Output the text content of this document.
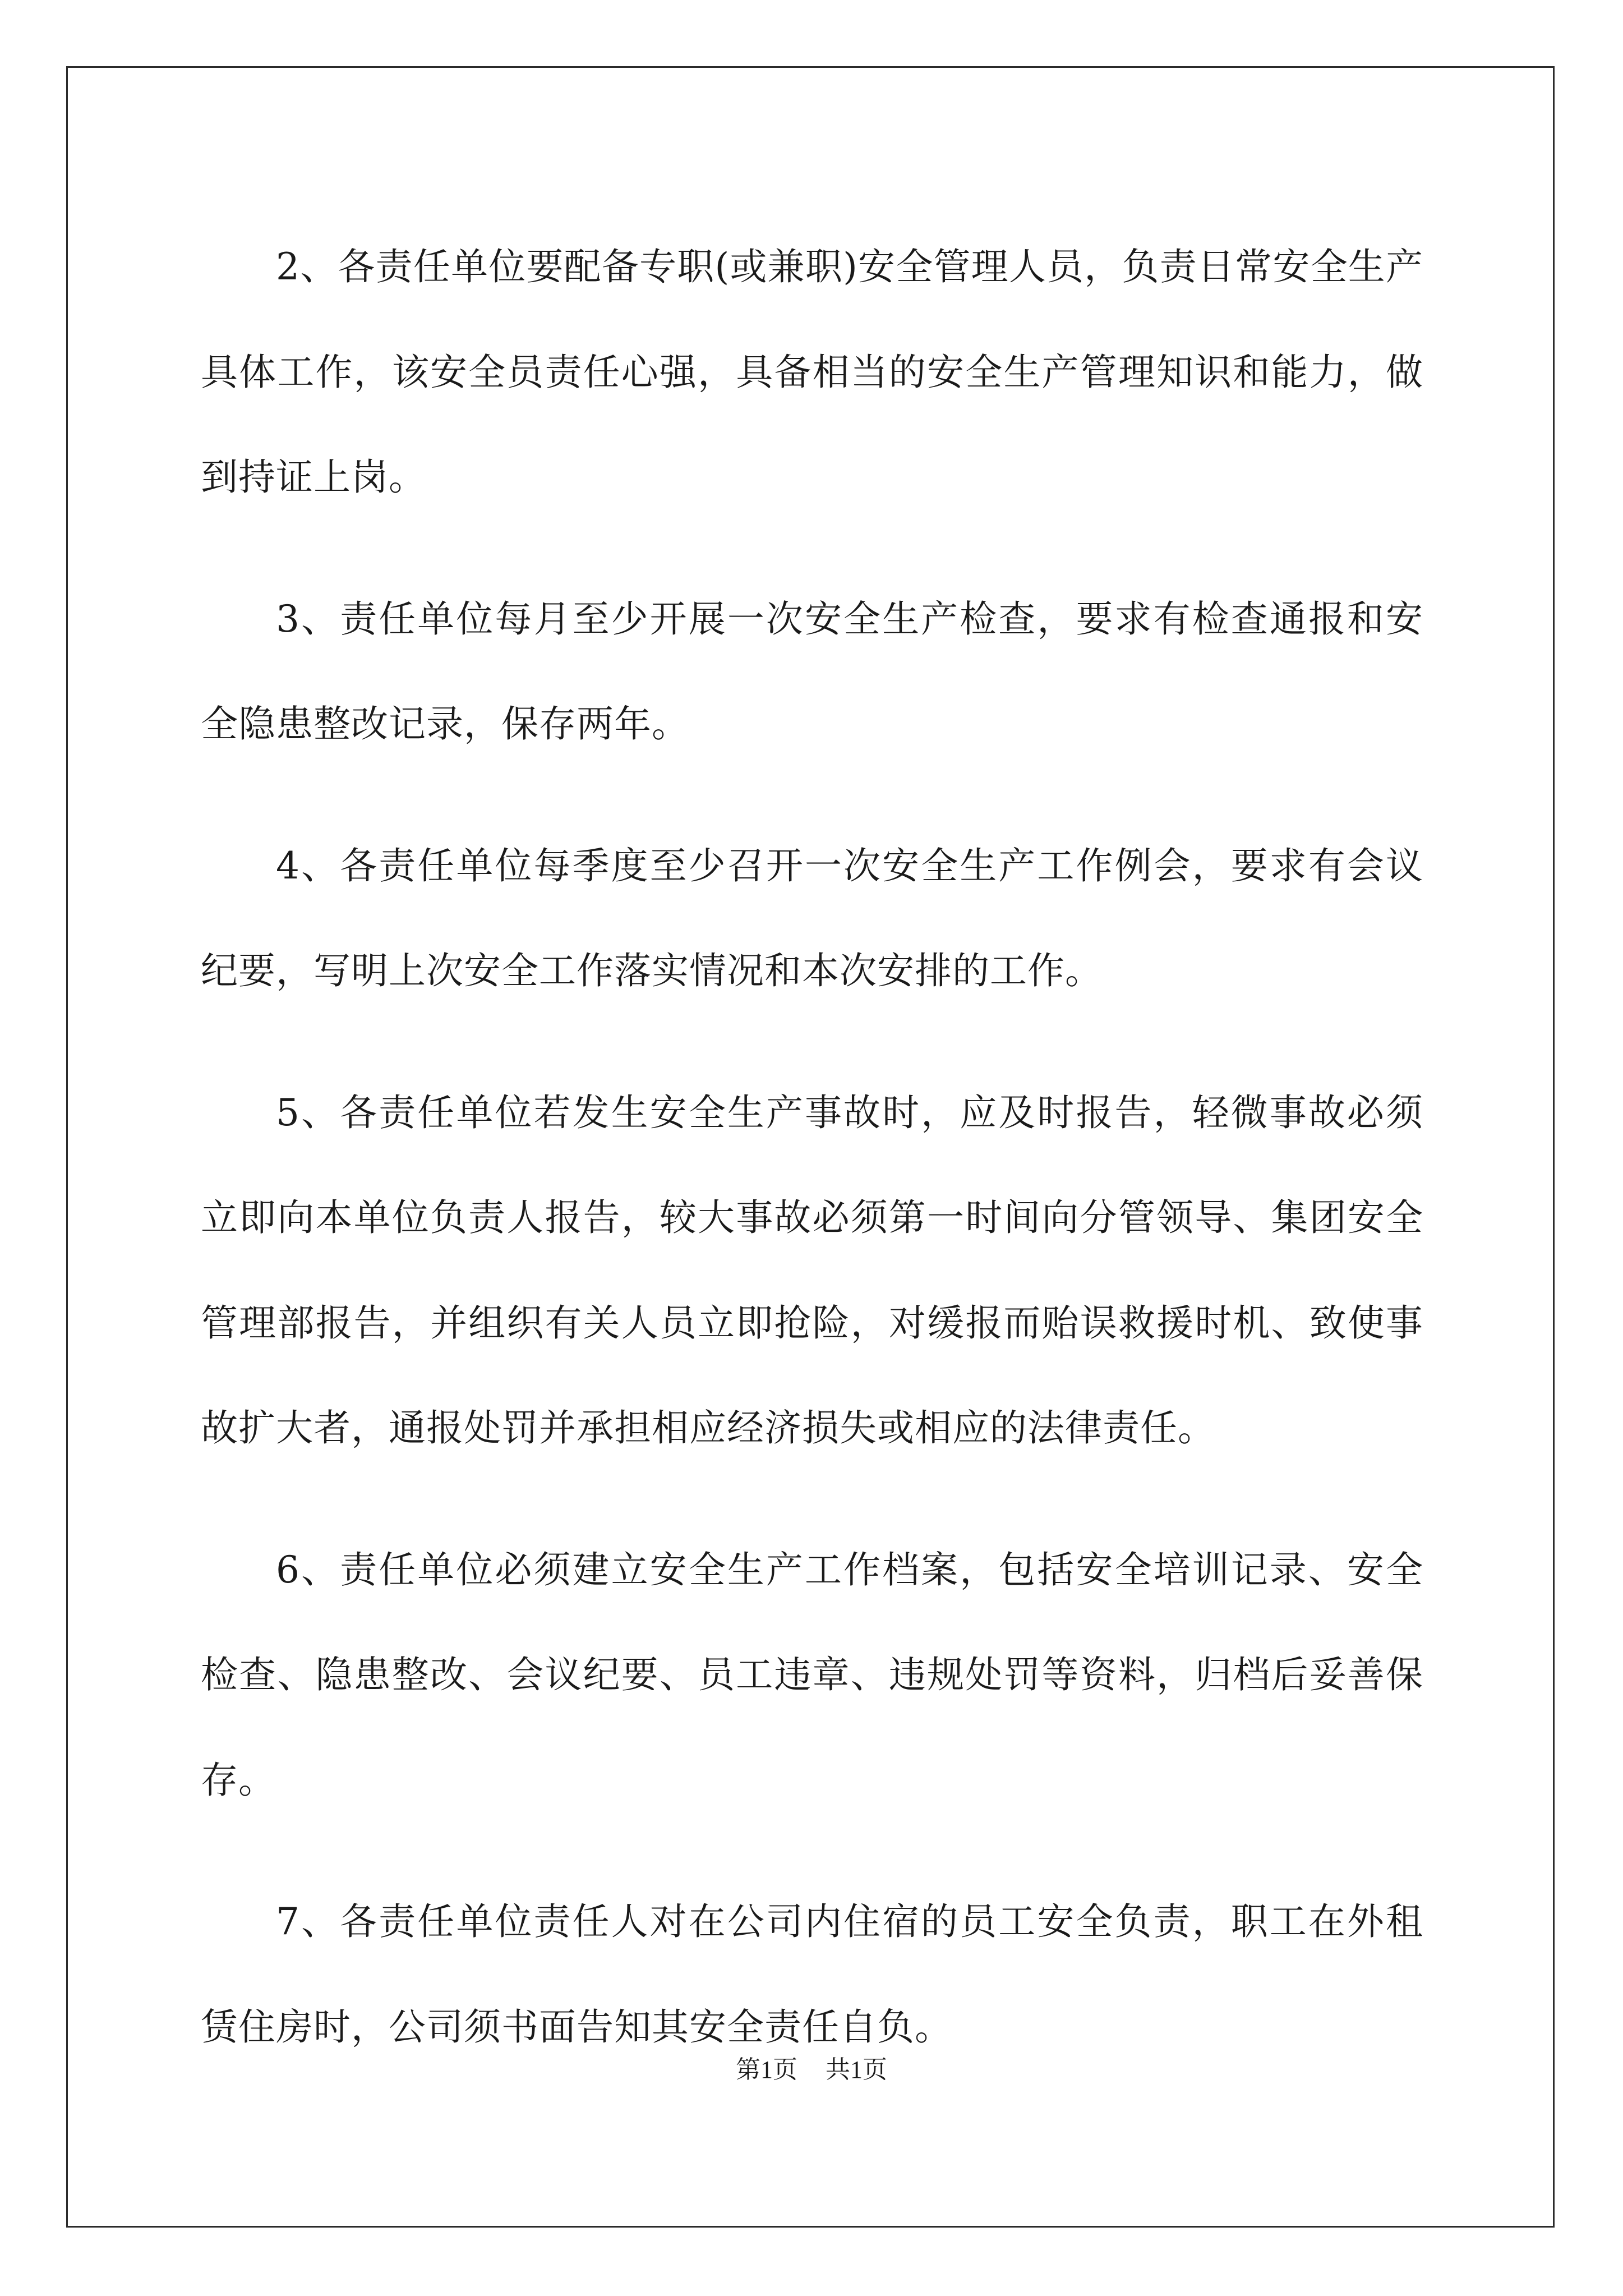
2、各责任单位要配备专职(或兼职)安全管理人员，负责日常安全生产具体工作，该安全员责任心强，具备相当的安全生产管理知识和能力，做到持证上岗。

3、责任单位每月至少开展一次安全生产检查，要求有检查通报和安全隐患整改记录，保存两年。

4、各责任单位每季度至少召开一次安全生产工作例会，要求有会议纪要，写明上次安全工作落实情况和本次安排的工作。

5、各责任单位若发生安全生产事故时，应及时报告，轻微事故必须立即向本单位负责人报告，较大事故必须第一时间向分管领导、集团安全管理部报告，并组织有关人员立即抢险，对缓报而贻误救援时机、致使事故扩大者，通报处罚并承担相应经济损失或相应的法律责任。

6、责任单位必须建立安全生产工作档案，包括安全培训记录、安全检查、隐患整改、会议纪要、员工违章、违规处罚等资料，归档后妥善保存。

7、各责任单位责任人对在公司内住宿的员工安全负责，职工在外租赁住房时，公司须书面告知其安全责任自负。

第1页 共1页
